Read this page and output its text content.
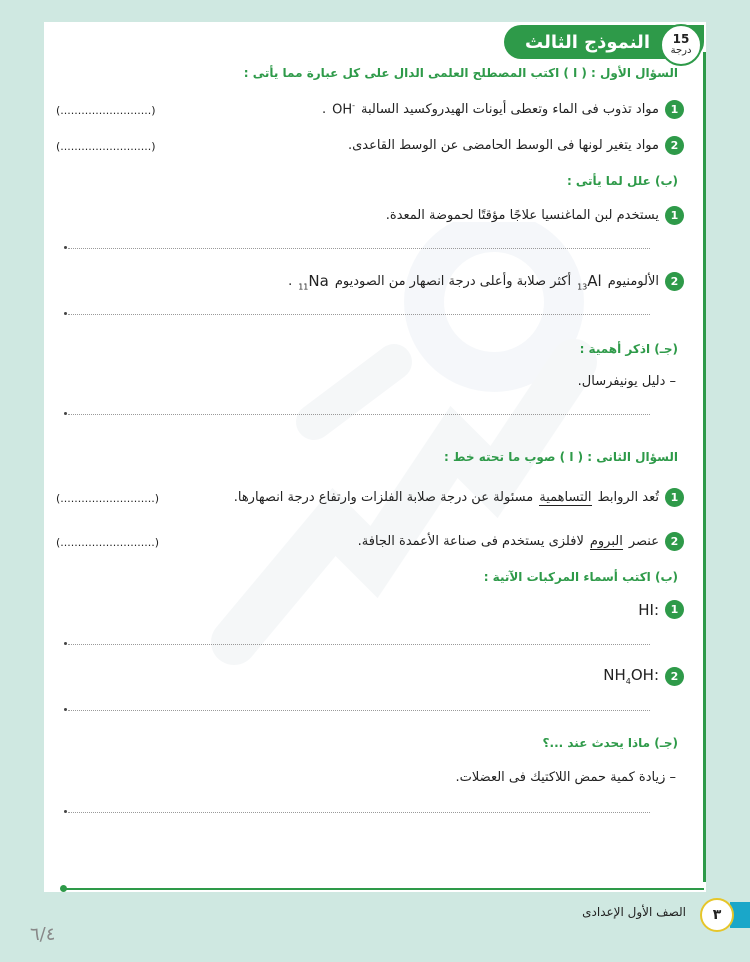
النموذج الثالث 15
درجة
السؤال الأول : ( ا ) اكتب المصطلح العلمى الدال على كل عبارة مما يأتى :
1
مواد تذوب فى الماء وتعطى أيونات الهيدروكسيد السالبة
OH-
.
(..........................)
2
مواد يتغير لونها فى الوسط الحامضى عن الوسط القاعدى.
(..........................)
(ب) علل لما يأتى :
1
يستخدم لبن الماغنسيا علاجًا مؤقتًا لحموضة المعدة.
2
الألومنيوم
$_{13}$Al
أكثر صلابة وأعلى درجة انصهار من الصوديوم
$_{11}$Na
.
(جـ) اذكر أهمية :
– دليل يونيفرسال.
السؤال الثانى : ( ا ) صوب ما تحته خط :
1
تُعد الروابط
التساهمية
مسئولة عن درجة صلابة الفلزات وارتفاع درجة انصهارها.
(...........................)
2
عنصر
البروم
لافلزى يستخدم فى صناعة الأعمدة الجافة.
(...........................)
(ب) اكتب أسماء المركبات الآتية :
1
HI:
2
$NH_4OH$:
(جـ) ماذا يحدث عند ...؟
– زيادة كمية حمض اللاكتيك فى العضلات.
الصف الأول الإعدادى	٣
٦/٤
